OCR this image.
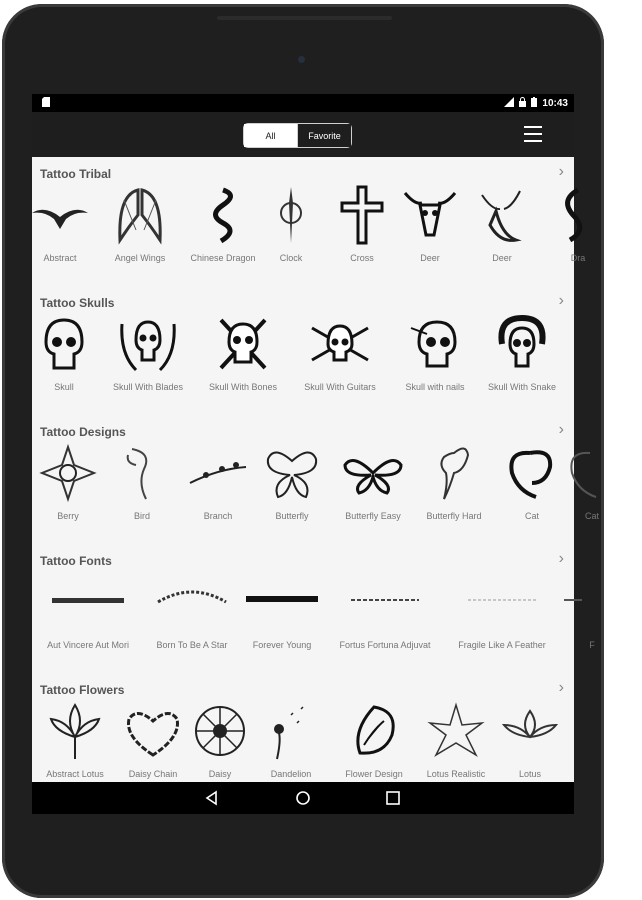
10:43
All	Favorite
Tattoo Tribal	›
Abstract	Angel Wings	Chinese Dragon	Clock	Cross	Deer	Deer	Dra
Tattoo Skulls	›
Skull	Skull With Blades	Skull With Bones	Skull With Guitars	Skull with nails	Skull With Snake
Tattoo Designs	›
Berry	Bird	Branch	Butterfly	Butterfly Easy	Butterfly Hard	Cat	Cat
Tattoo Fonts	›
Aut Vincere Aut Mori	Born To Be A Star	Forever Young	Fortus Fortuna Adjuvat	Fragile Like A Feather	F
Tattoo Flowers	›
Abstract Lotus	Daisy Chain	Daisy	Dandelion	Flower Design	Lotus Realistic	Lotus
